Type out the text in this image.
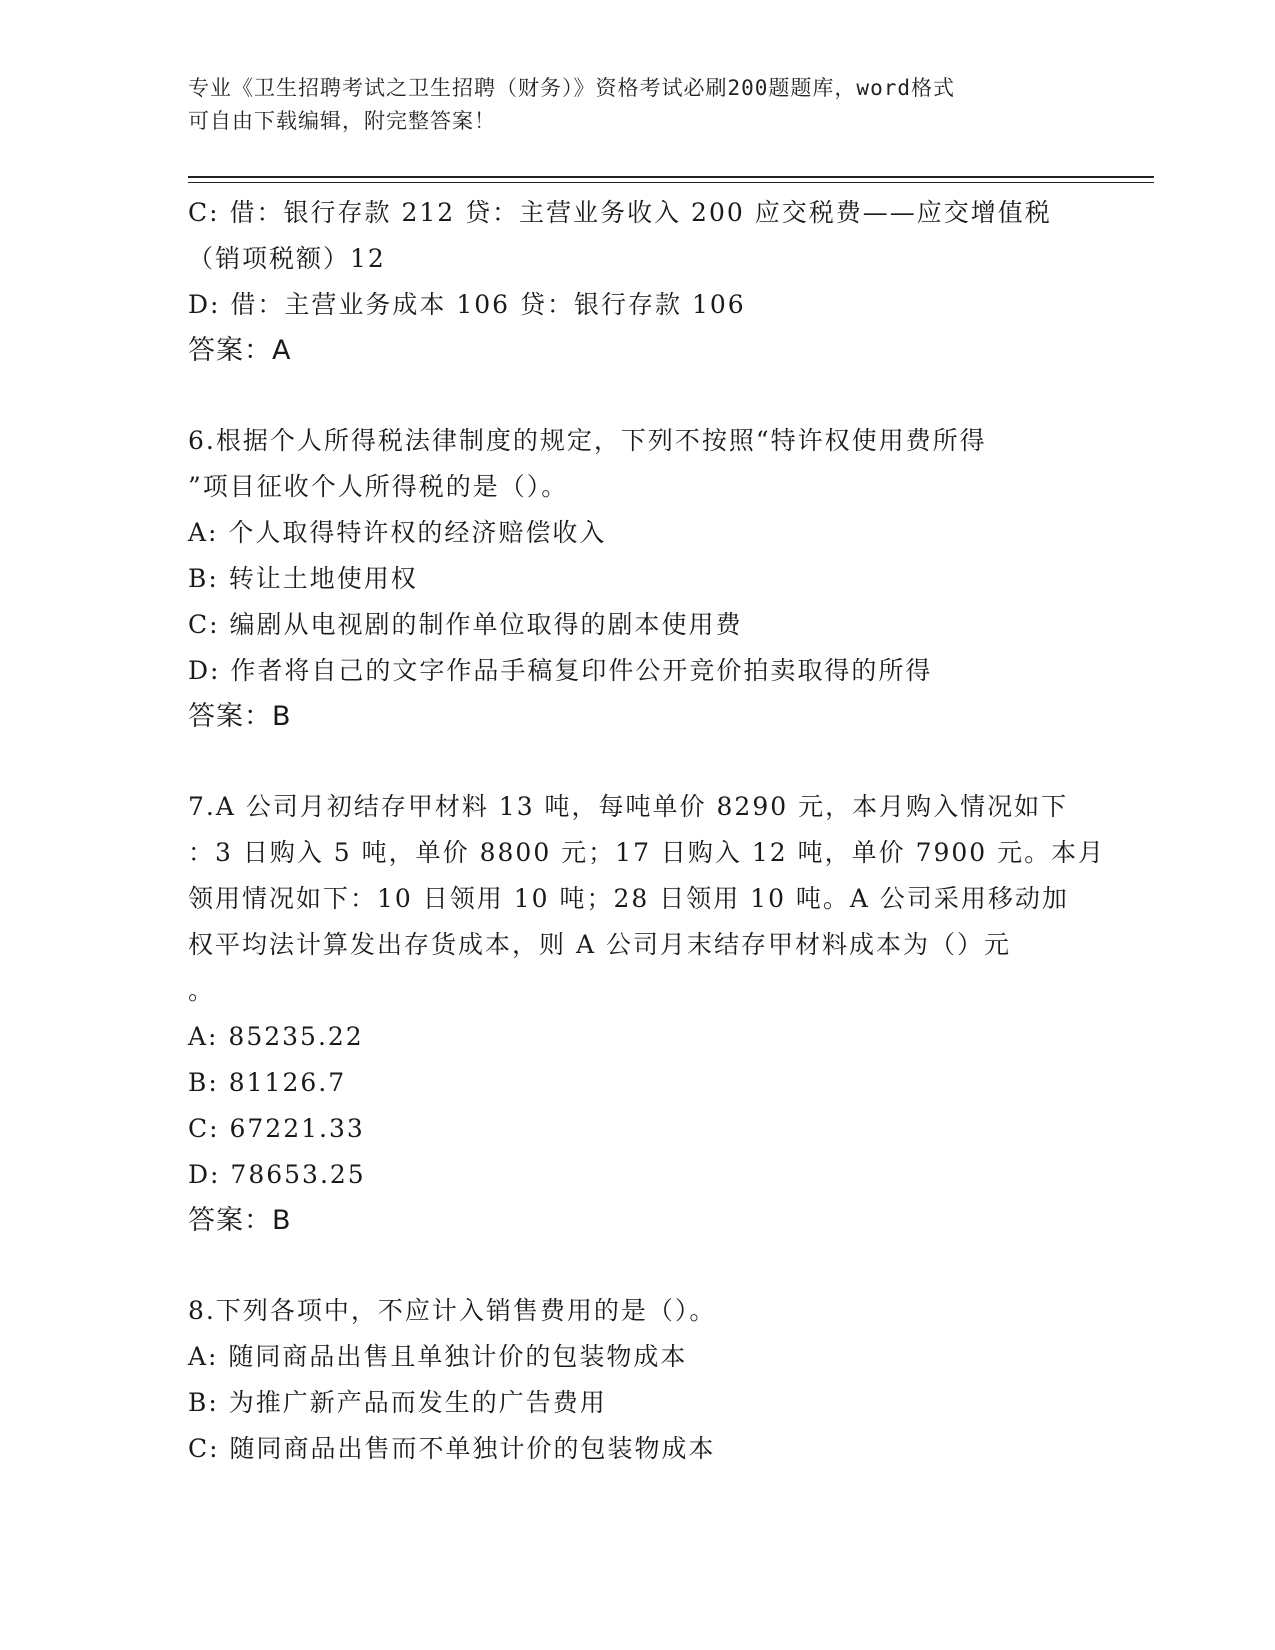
专业《卫生招聘考试之卫生招聘（财务）》资格考试必刷200题题库，word格式
可自由下载编辑，附完整答案！
C: 借：银行存款 212 贷：主营业务收入 200 应交税费——应交增值税
（销项税额）12
D: 借：主营业务成本 106 贷：银行存款 106
答案：A
6.根据个人所得税法律制度的规定，下列不按照“特许权使用费所得
”项目征收个人所得税的是（）。
A: 个人取得特许权的经济赔偿收入
B: 转让土地使用权
C: 编剧从电视剧的制作单位取得的剧本使用费
D: 作者将自己的文字作品手稿复印件公开竞价拍卖取得的所得
答案：B
7.A 公司月初结存甲材料 13 吨，每吨单价 8290 元，本月购入情况如下
：3 日购入 5 吨，单价 8800 元；17 日购入 12 吨，单价 7900 元。本月
领用情况如下：10 日领用 10 吨；28 日领用 10 吨。A 公司采用移动加
权平均法计算发出存货成本，则 A 公司月末结存甲材料成本为（）元
。
A: 85235.22
B: 81126.7
C: 67221.33
D: 78653.25
答案：B
8.下列各项中，不应计入销售费用的是（）。
A: 随同商品出售且单独计价的包装物成本
B: 为推广新产品而发生的广告费用
C: 随同商品出售而不单独计价的包装物成本
